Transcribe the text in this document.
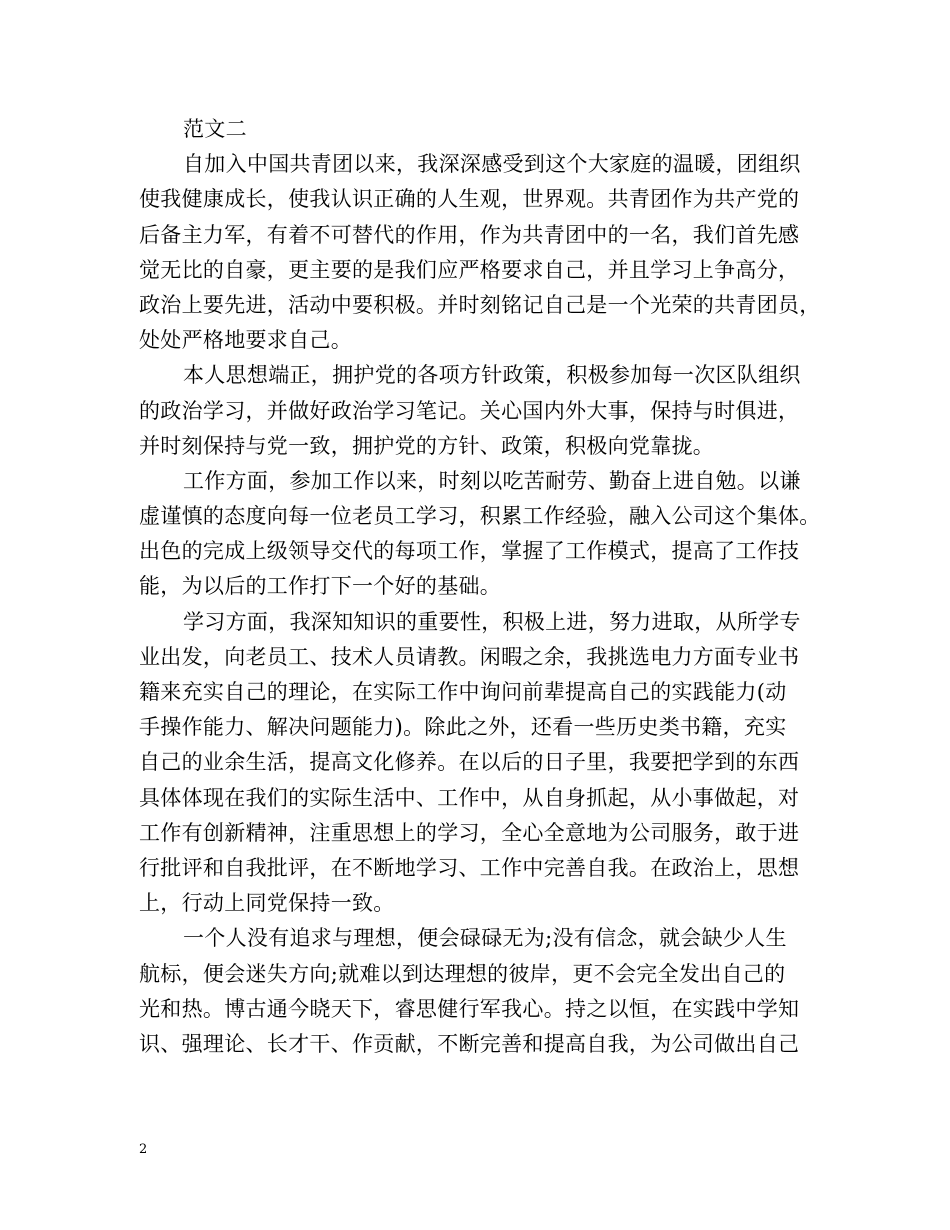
范文二
自加入中国共青团以来，我深深感受到这个大家庭的温暖，团组织
使我健康成长，使我认识正确的人生观，世界观。共青团作为共产党的
后备主力军，有着不可替代的作用，作为共青团中的一名，我们首先感
觉无比的自豪，更主要的是我们应严格要求自己，并且学习上争高分，
政治上要先进，活动中要积极。并时刻铭记自己是一个光荣的共青团员，
处处严格地要求自己。
本人思想端正，拥护党的各项方针政策，积极参加每一次区队组织
的政治学习，并做好政治学习笔记。关心国内外大事，保持与时俱进，
并时刻保持与党一致，拥护党的方针、政策，积极向党靠拢。
工作方面，参加工作以来，时刻以吃苦耐劳、勤奋上进自勉。以谦
虚谨慎的态度向每一位老员工学习，积累工作经验，融入公司这个集体。
出色的完成上级领导交代的每项工作，掌握了工作模式，提高了工作技
能，为以后的工作打下一个好的基础。
学习方面，我深知知识的重要性，积极上进，努力进取，从所学专
业出发，向老员工、技术人员请教。闲暇之余，我挑选电力方面专业书
籍来充实自己的理论，在实际工作中询问前辈提高自己的实践能力(动
手操作能力、解决问题能力)。除此之外，还看一些历史类书籍，充实
自己的业余生活，提高文化修养。在以后的日子里，我要把学到的东西
具体体现在我们的实际生活中、工作中，从自身抓起，从小事做起，对
工作有创新精神，注重思想上的学习，全心全意地为公司服务，敢于进
行批评和自我批评，在不断地学习、工作中完善自我。在政治上，思想
上，行动上同党保持一致。
一个人没有追求与理想，便会碌碌无为;没有信念，就会缺少人生
航标，便会迷失方向;就难以到达理想的彼岸，更不会完全发出自己的
光和热。博古通今晓天下，睿思健行军我心。持之以恒，在实践中学知
识、强理论、长才干、作贡献，不断完善和提高自我，为公司做出自己
2
